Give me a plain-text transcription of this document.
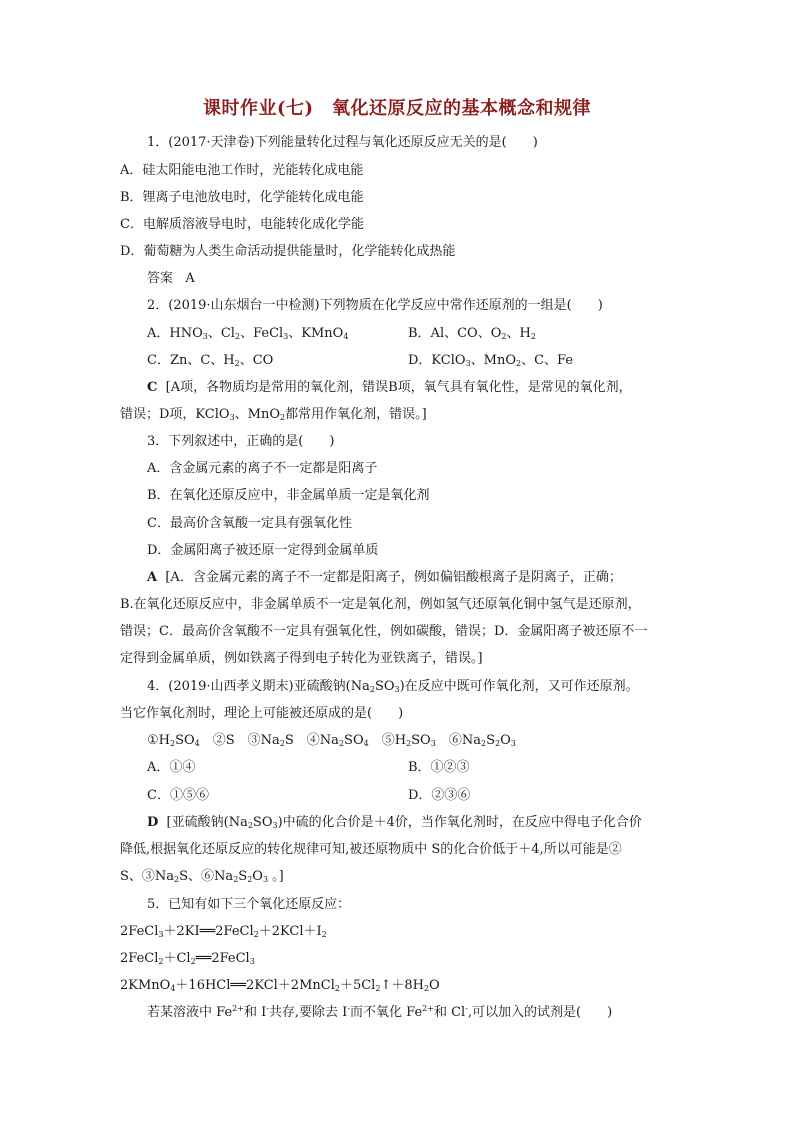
课时作业(七)　氧化还原反应的基本概念和规律
1．(2017·天津卷)下列能量转化过程与氧化还原反应无关的是(　　)
A．硅太阳能电池工作时，光能转化成电能
B．锂离子电池放电时，化学能转化成电能
C．电解质溶液导电时，电能转化成化学能
D．葡萄糖为人类生命活动提供能量时，化学能转化成热能
答案 A
2．(2019·山东烟台一中检测)下列物质在化学反应中常作还原剂的一组是(　　)
A．$HNO_3$、$Cl_2$、FeCl$_3$、KMnO$_4$	B．Al、CO、$O_2$、$H_2$
C．Zn、C、$H_2$、CO	D．KClO$_3$、MnO$_2$、C、Fe
C [A项，各物质均是常用的氧化剂，错误B项，氧气具有氧化性，是常见的氧化剂，
错误；D项，KClO$_3$、MnO$_2$都常用作氧化剂，错误。]
3．下列叙述中，正确的是(　　)
A．含金属元素的离子不一定都是阳离子
B．在氧化还原反应中，非金属单质一定是氧化剂
C．最高价含氧酸一定具有强氧化性
D．金属阳离子被还原一定得到金属单质
A [A．含金属元素的离子不一定都是阳离子，例如偏铝酸根离子是阴离子，正确；
B.在氧化还原反应中，非金属单质不一定是氧化剂，例如氢气还原氧化铜中氢气是还原剂，
错误；C．最高价含氧酸不一定具有强氧化性，例如碳酸，错误；D．金属阳离子被还原不一
定得到金属单质，例如铁离子得到电子转化为亚铁离子，错误。]
4．(2019·山西孝义期末)亚硫酸钠$(Na_2SO_3)$在反应中既可作氧化剂，又可作还原剂。
当它作氧化剂时，理论上可能被还原成的是(　　)
$①H_2SO_4$　②S　$③Na_2S$　$④Na_2SO_4$　$⑤H_2SO_3$　$⑥Na_2S_2O_3$
A．①④	B．①②③
C．①⑤⑥	D．②③⑥
D [亚硫酸钠$(Na_2SO_3)$中硫的化合价是＋4价，当作氧化剂时，在反应中得电子化合价
降低,根据氧化还原反应的转化规律可知,被还原物质中 S的化合价低于＋4,所以可能是②
S、$③Na_2S$、$⑥Na_2S_2O_3$ 。]
5．已知有如下三个氧化还原反应：
$2FeCl_3+2KI══2FeCl_2+2KCl+I_2$
$2FeCl_2+Cl_2══2FeCl_3$
$2KMnO_4+16HCl══2KCl+2MnCl_2+5Cl_2↑+8H_2O$
若某溶液中 $Fe^{2+}$和 I-共存,要除去 I-而不氧化 $Fe^{2+}$和 Cl-,可以加入的试剂是(　　)
